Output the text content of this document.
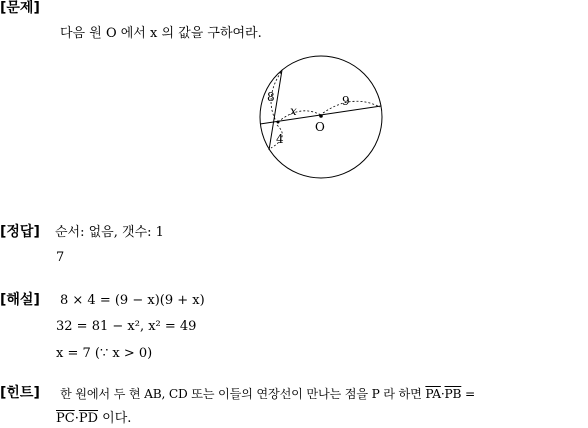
[문제]
다음 원 O 에서 x 의 값을 구하여라.
8
4
x
9
O
[정답] 순서: 없음, 갯수: 1
7
[해설] 8 × 4 = (9 − x)(9 + x)
32 = 81 − x², x² = 49
x = 7 (∵ x > 0)
[힌트] 한 원에서 두 현 AB, CD 또는 이들의 연장선이 만나는 점을 P 라 하면 $\overline{PA}\cdot\overline{PB}$ =
$\overline{PC}\cdot\overline{PD}$ 이다.
